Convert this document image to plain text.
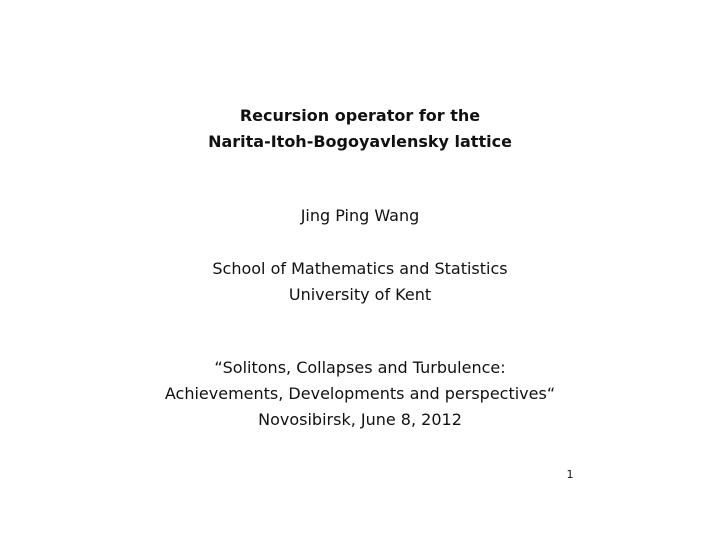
Recursion operator for the
Narita-Itoh-Bogoyavlensky lattice
Jing Ping Wang
School of Mathematics and Statistics
University of Kent
“Solitons, Collapses and Turbulence:
Achievements, Developments and perspectives“
Novosibirsk, June 8, 2012
1
